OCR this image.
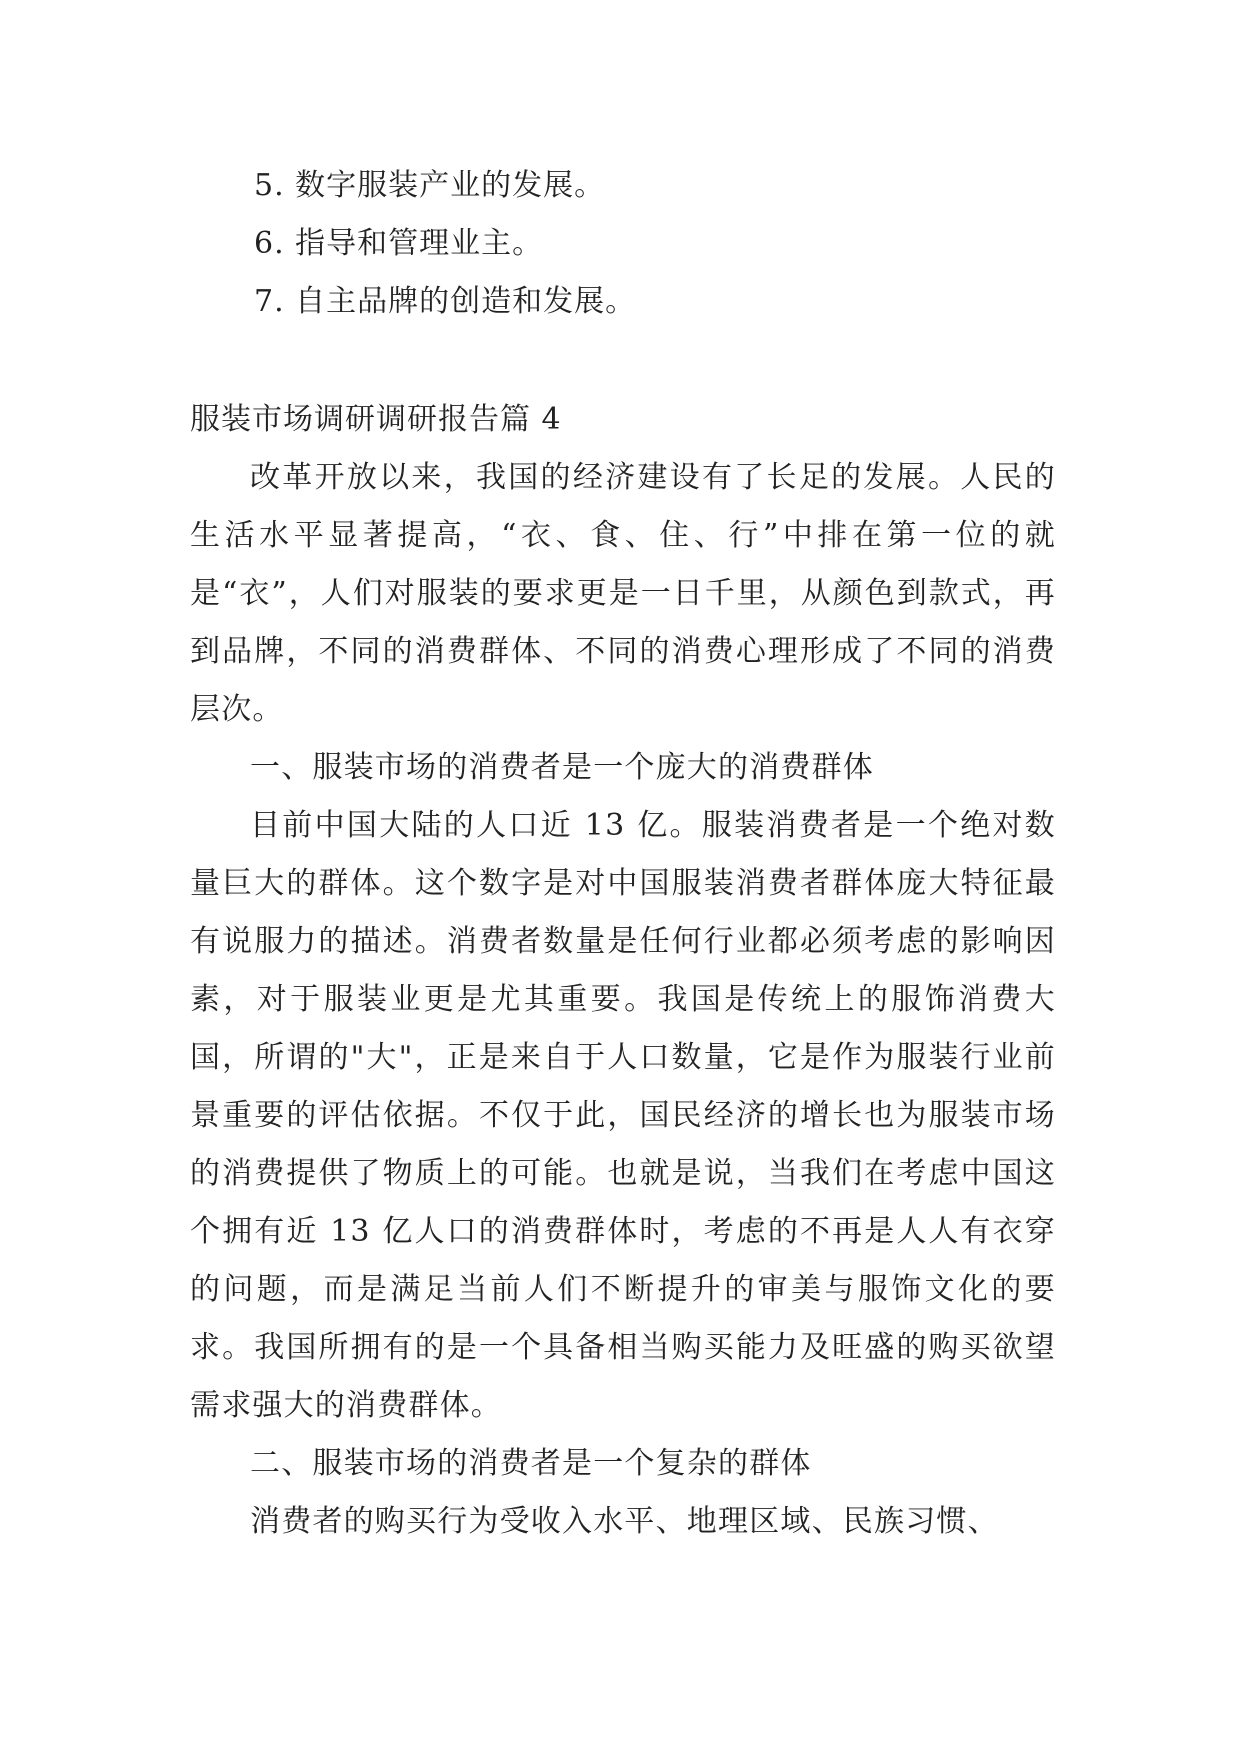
5. 数字服装产业的发展。
6. 指导和管理业主。
7. 自主品牌的创造和发展。
服装市场调研调研报告篇 4

改革开放以来，我国的经济建设有了长足的发展。人民的生活水平显著提高，“衣、食、住、行”中排在第一位的就是“衣”，人们对服装的要求更是一日千里，从颜色到款式，再到品牌，不同的消费群体、不同的消费心理形成了不同的消费层次。

一、服装市场的消费者是一个庞大的消费群体

目前中国大陆的人口近 13 亿。服装消费者是一个绝对数量巨大的群体。这个数字是对中国服装消费者群体庞大特征最有说服力的描述。消费者数量是任何行业都必须考虑的影响因素，对于服装业更是尤其重要。我国是传统上的服饰消费大国，所谓的"大"，正是来自于人口数量，它是作为服装行业前景重要的评估依据。不仅于此，国民经济的增长也为服装市场的消费提供了物质上的可能。也就是说，当我们在考虑中国这个拥有近 13 亿人口的消费群体时，考虑的不再是人人有衣穿的问题，而是满足当前人们不断提升的审美与服饰文化的要求。我国所拥有的是一个具备相当购买能力及旺盛的购买欲望需求强大的消费群体。

二、服装市场的消费者是一个复杂的群体

消费者的购买行为受收入水平、地理区域、民族习惯、
